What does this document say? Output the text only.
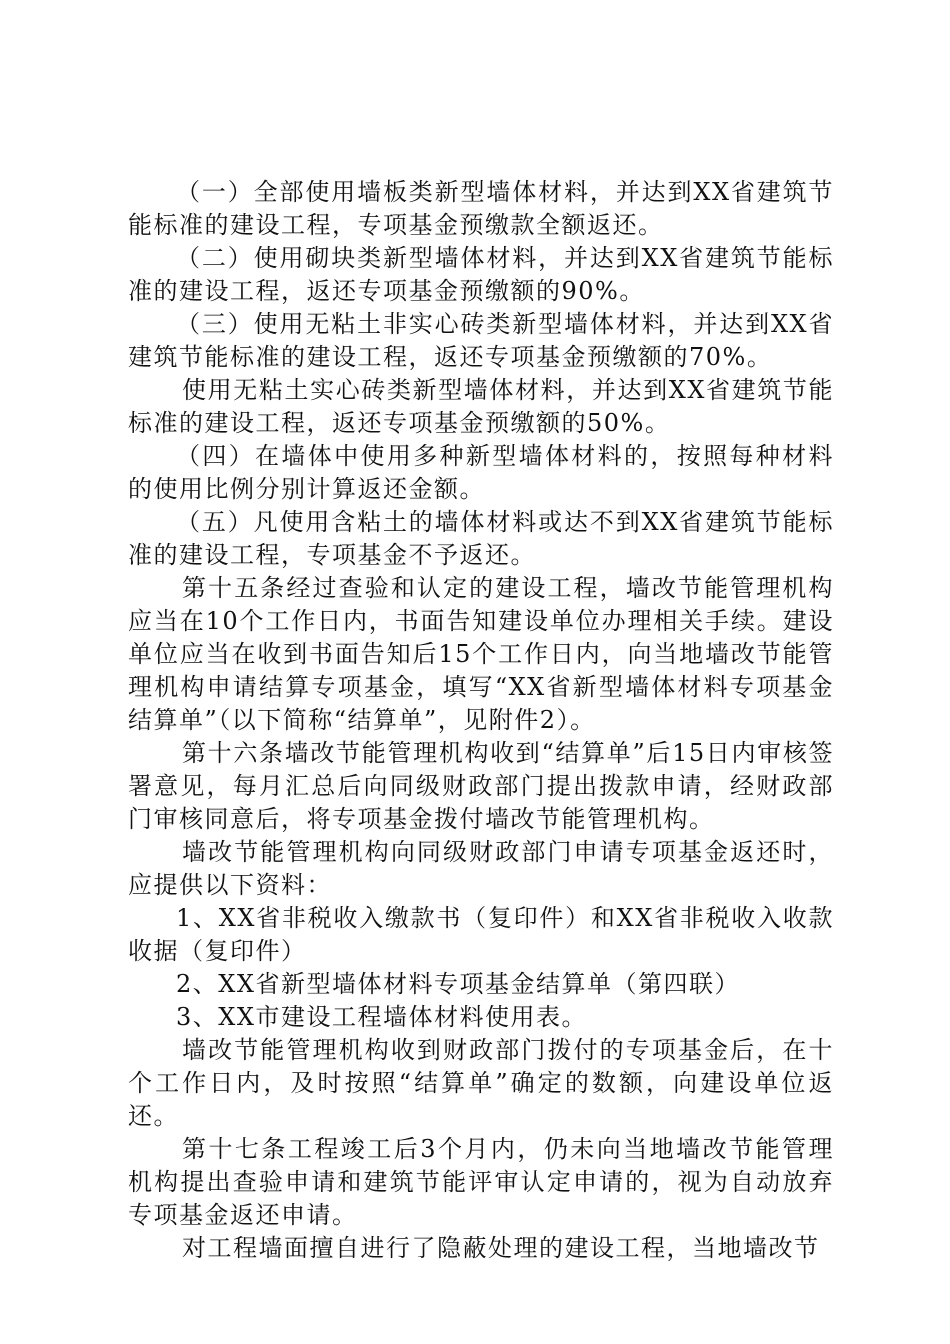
（一）全部使用墙板类新型墙体材料，并达到XX省建筑节能标准的建设工程，专项基金预缴款全额返还。

（二）使用砌块类新型墙体材料，并达到XX省建筑节能标准的建设工程，返还专项基金预缴额的90%。

（三）使用无粘土非实心砖类新型墙体材料，并达到XX省建筑节能标准的建设工程，返还专项基金预缴额的70%。

使用无粘土实心砖类新型墙体材料，并达到XX省建筑节能标准的建设工程，返还专项基金预缴额的50%。

（四）在墙体中使用多种新型墙体材料的，按照每种材料的使用比例分别计算返还金额。

（五）凡使用含粘土的墙体材料或达不到XX省建筑节能标准的建设工程，专项基金不予返还。

第十五条经过查验和认定的建设工程，墙改节能管理机构应当在10个工作日内，书面告知建设单位办理相关手续。建设单位应当在收到书面告知后15个工作日内，向当地墙改节能管理机构申请结算专项基金，填写“XX省新型墙体材料专项基金结算单”（以下简称“结算单”，见附件2）。

第十六条墙改节能管理机构收到“结算单”后15日内审核签署意见，每月汇总后向同级财政部门提出拨款申请，经财政部门审核同意后，将专项基金拨付墙改节能管理机构。

墙改节能管理机构向同级财政部门申请专项基金返还时，应提供以下资料：

1、XX省非税收入缴款书（复印件）和XX省非税收入收款收据（复印件）

2、XX省新型墙体材料专项基金结算单（第四联）

3、XX市建设工程墙体材料使用表。

墙改节能管理机构收到财政部门拨付的专项基金后，在十个工作日内，及时按照“结算单”确定的数额，向建设单位返还。

第十七条工程竣工后3个月内，仍未向当地墙改节能管理机构提出查验申请和建筑节能评审认定申请的，视为自动放弃专项基金返还申请。

对工程墙面擅自进行了隐蔽处理的建设工程，当地墙改节
